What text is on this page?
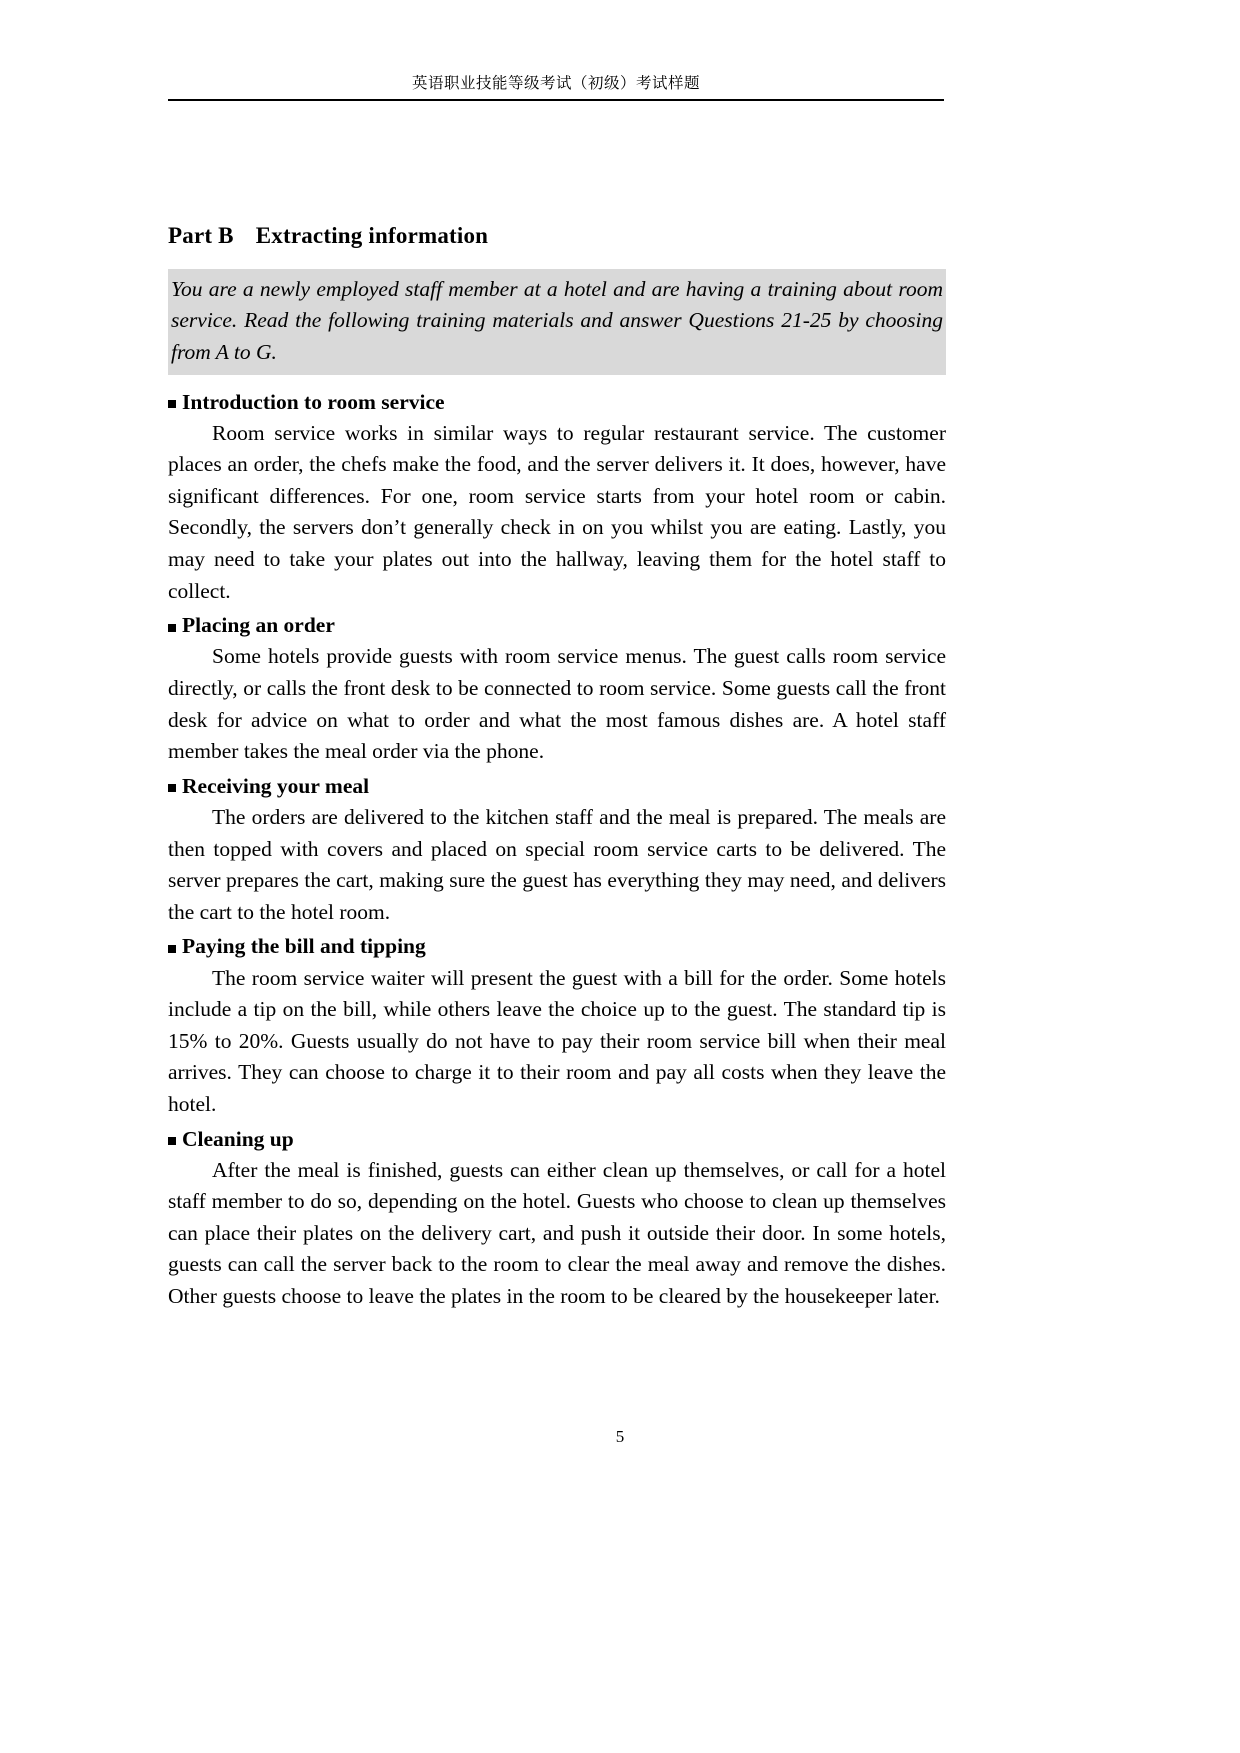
英语职业技能等级考试（初级）考试样题
Part B Extracting information
You are a newly employed staff member at a hotel and are having a training about room service. Read the following training materials and answer Questions 21-25 by choosing from A to G.
Introduction to room service

Room service works in similar ways to regular restaurant service. The customer places an order, the chefs make the food, and the server delivers it. It does, however, have significant differences. For one, room service starts from your hotel room or cabin. Secondly, the servers don’t generally check in on you whilst you are eating. Lastly, you may need to take your plates out into the hallway, leaving them for the hotel staff to collect.

Placing an order

Some hotels provide guests with room service menus. The guest calls room service directly, or calls the front desk to be connected to room service. Some guests call the front desk for advice on what to order and what the most famous dishes are. A hotel staff member takes the meal order via the phone.

Receiving your meal

The orders are delivered to the kitchen staff and the meal is prepared. The meals are then topped with covers and placed on special room service carts to be delivered. The server prepares the cart, making sure the guest has everything they may need, and delivers the cart to the hotel room.

Paying the bill and tipping

The room service waiter will present the guest with a bill for the order. Some hotels include a tip on the bill, while others leave the choice up to the guest. The standard tip is 15% to 20%. Guests usually do not have to pay their room service bill when their meal arrives. They can choose to charge it to their room and pay all costs when they leave the hotel.

Cleaning up

After the meal is finished, guests can either clean up themselves, or call for a hotel staff member to do so, depending on the hotel. Guests who choose to clean up themselves can place their plates on the delivery cart, and push it outside their door. In some hotels, guests can call the server back to the room to clear the meal away and remove the dishes. Other guests choose to leave the plates in the room to be cleared by the housekeeper later.

5
